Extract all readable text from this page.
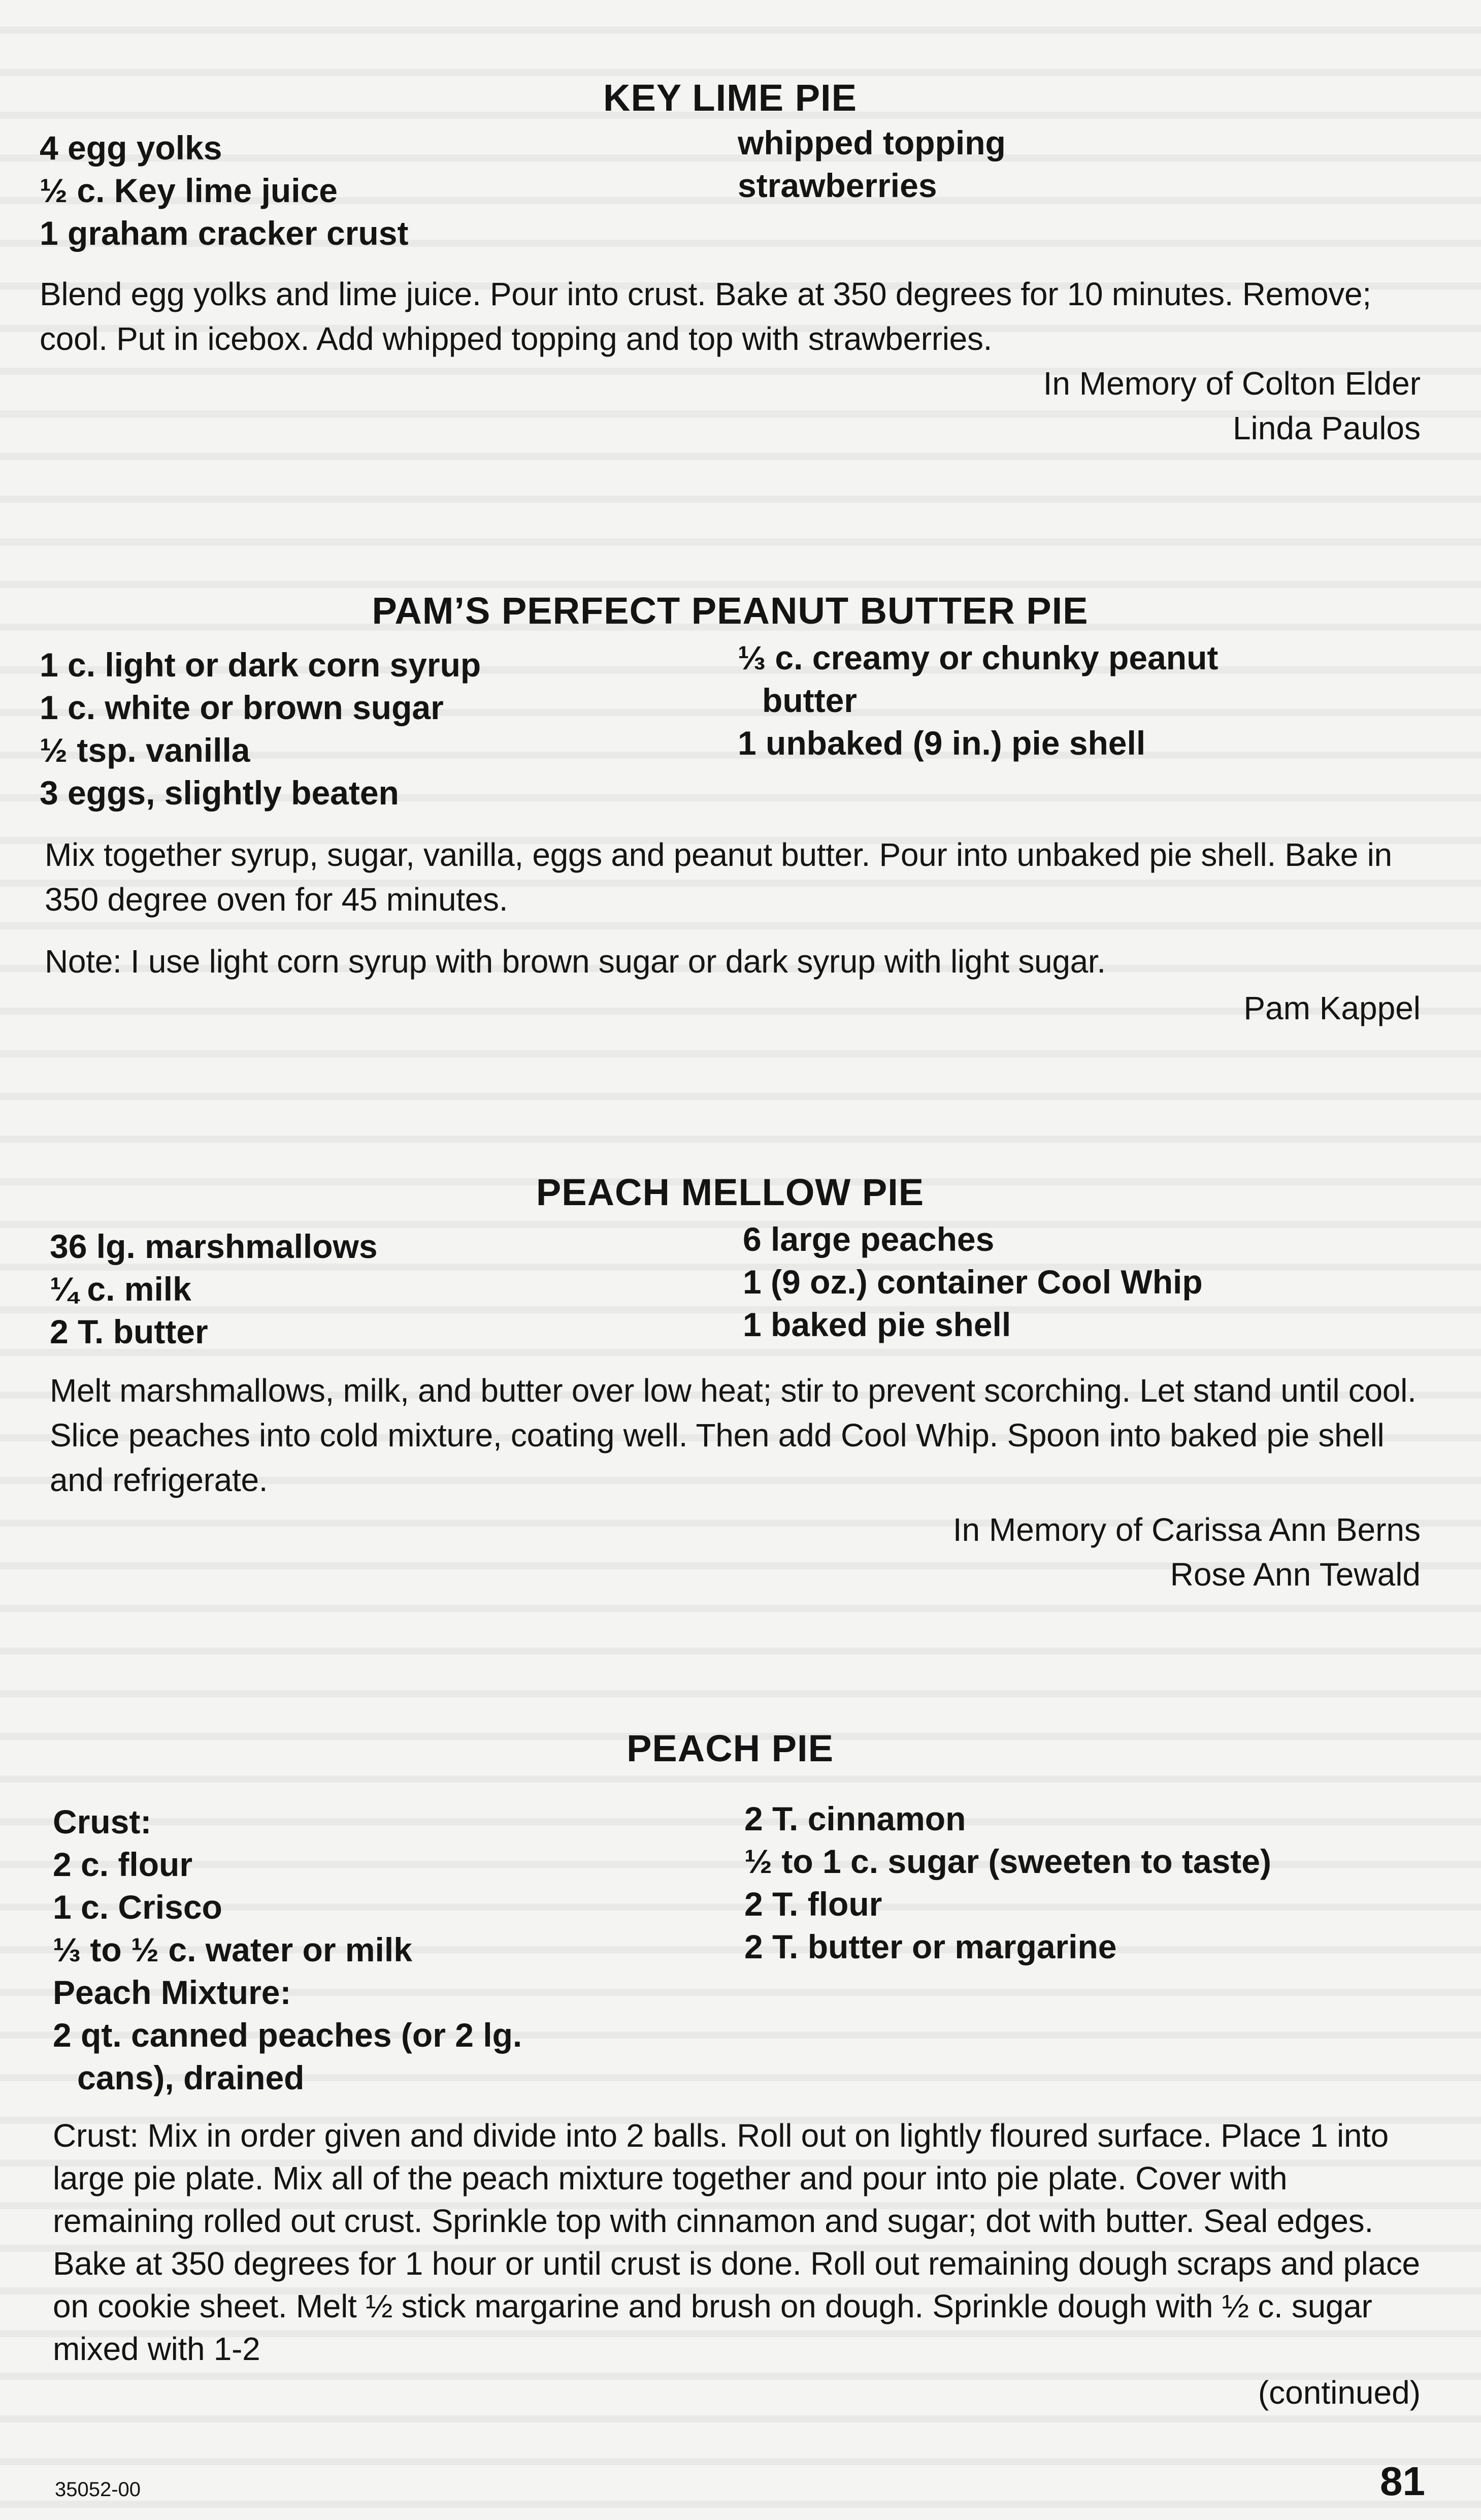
KEY LIME PIE
4 egg yolks
½ c. Key lime juice
1 graham cracker crust
whipped topping
strawberries

Blend egg yolks and lime juice. Pour into crust. Bake at 350 degrees for 10 minutes. Remove; cool. Put in icebox. Add whipped topping and top with strawberries.

In Memory of Colton Elder
Linda Paulos
PAM’S PERFECT PEANUT BUTTER PIE
1 c. light or dark corn syrup
1 c. white or brown sugar
½ tsp. vanilla
3 eggs, slightly beaten
⅓ c. creamy or chunky peanut
butter
1 unbaked (9 in.) pie shell

Mix together syrup, sugar, vanilla, eggs and peanut butter. Pour into unbaked pie shell. Bake in 350 degree oven for 45 minutes.

Note: I use light corn syrup with brown sugar or dark syrup with light sugar.

Pam Kappel
PEACH MELLOW PIE
36 lg. marshmallows
¼ c. milk
2 T. butter
6 large peaches
1 (9 oz.) container Cool Whip
1 baked pie shell

Melt marshmallows, milk, and butter over low heat; stir to prevent scorching. Let stand until cool. Slice peaches into cold mixture, coating well. Then add Cool Whip. Spoon into baked pie shell and refrigerate.

In Memory of Carissa Ann Berns
Rose Ann Tewald
PEACH PIE
Crust:
2 c. flour
1 c. Crisco
⅓ to ½ c. water or milk
Peach Mixture:
2 qt. canned peaches (or 2 lg.
cans), drained
2 T. cinnamon
½ to 1 c. sugar (sweeten to taste)
2 T. flour
2 T. butter or margarine

Crust: Mix in order given and divide into 2 balls. Roll out on lightly floured surface. Place 1 into large pie plate. Mix all of the peach mixture together and pour into pie plate. Cover with remaining rolled out crust. Sprinkle top with cinnamon and sugar; dot with butter. Seal edges. Bake at 350 degrees for 1 hour or until crust is done. Roll out remaining dough scraps and place on cookie sheet. Melt ½ stick margarine and brush on dough. Sprinkle dough with ½ c. sugar mixed with 1-2

(continued)
35052-00	81
